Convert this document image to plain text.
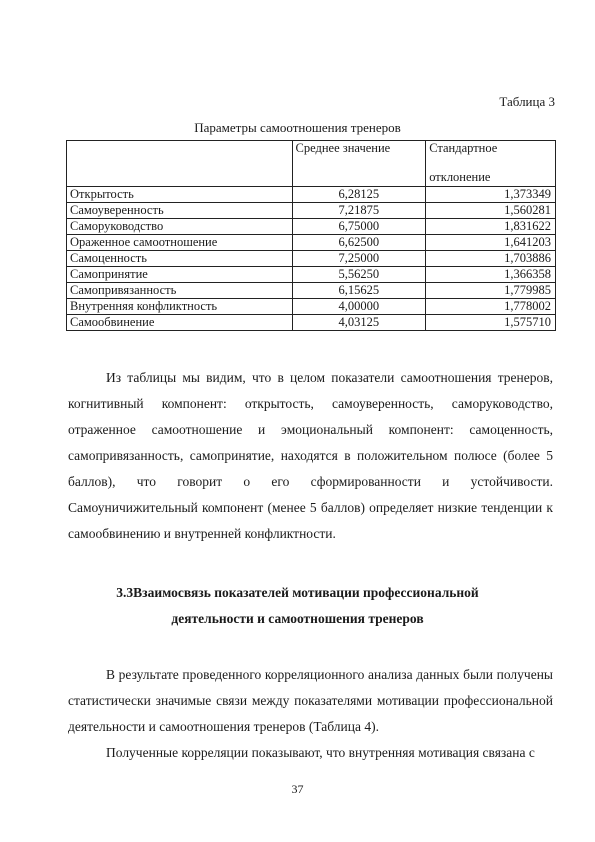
Таблица 3
Параметры самоотношения тренеров
	Среднее значение	Стандартное
отклонение

Открытость	6,28125	1,373349
Самоуверенность	7,21875	1,560281
Саморуководство	6,75000	1,831622
Ораженное самоотношение	6,62500	1,641203
Самоценность	7,25000	1,703886
Самопринятие	5,56250	1,366358
Самопривязанность	6,15625	1,779985
Внутренняя конфликтность	4,00000	1,778002
Самообвинение	4,03125	1,575710
Из таблицы мы видим, что в целом показатели самоотношения тренеров, когнитивный компонент: открытость, самоуверенность, саморуководство, отраженное самоотношение и эмоциональный компонент: самоценность, самопривязанность, самопринятие, находятся в положительном полюсе (более 5 баллов), что говорит о его сформированности и устойчивости. Самоуничижительный компонент (менее 5 баллов) определяет низкие тенденции к самообвинению и внутренней конфликтности.
3.3Взаимосвязь показателей мотивации профессиональной
деятельности и самоотношения тренеров
В результате проведенного корреляционного анализа данных были получены статистически значимые связи между показателями мотивации профессиональной деятельности и самоотношения тренеров (Таблица 4).
Полученные корреляции показывают, что внутренняя мотивация связана с
37
